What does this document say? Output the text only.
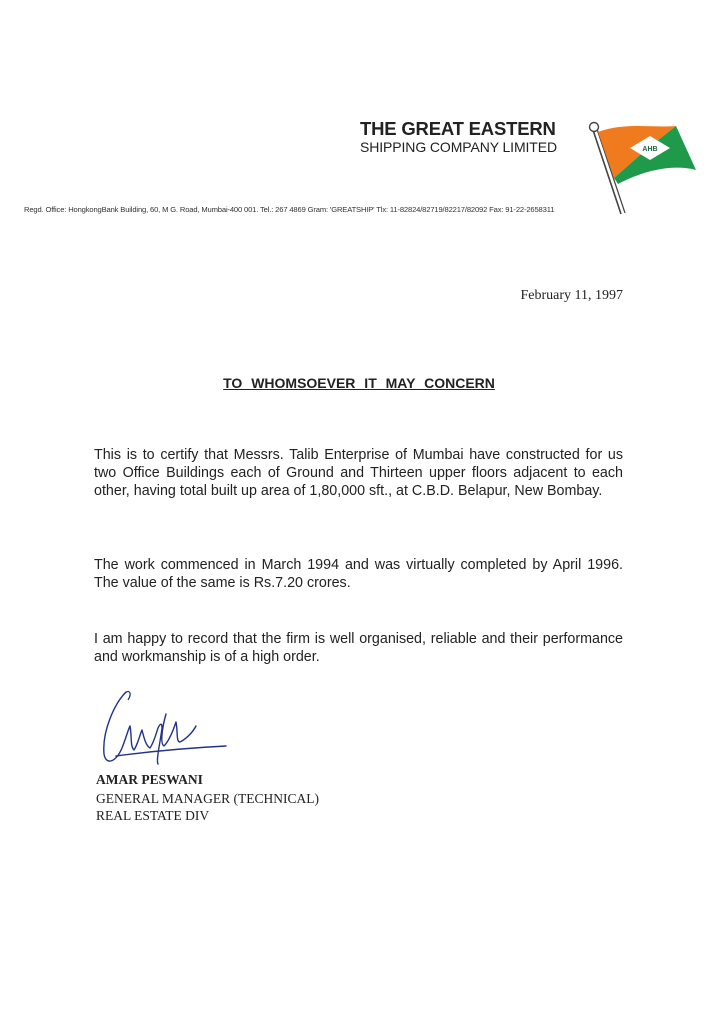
THE GREAT EASTERN
SHIPPING COMPANY LIMITED	AHB
Regd. Office: HongkongBank Building, 60, M G. Road, Mumbai-400 001. Tel.: 267 4869 Gram: 'GREATSHIP' Tlx: 11-82824/82719/82217/82092 Fax: 91-22-2658311
February 11, 1997
TO WHOMSOEVER IT MAY CONCERN
This is to certify that Messrs. Talib Enterprise of Mumbai have constructed for us two Office Buildings each of Ground and Thirteen upper floors adjacent to each other, having total built up area of 1,80,000 sft., at C.B.D. Belapur, New Bombay.
The work commenced in March 1994 and was virtually completed by April 1996. The value of the same is Rs.7.20 crores.
I am happy to record that the firm is well organised, reliable and their performance and workmanship is of a high order.
AMAR PESWANI
GENERAL MANAGER (TECHNICAL)
REAL ESTATE DIV
